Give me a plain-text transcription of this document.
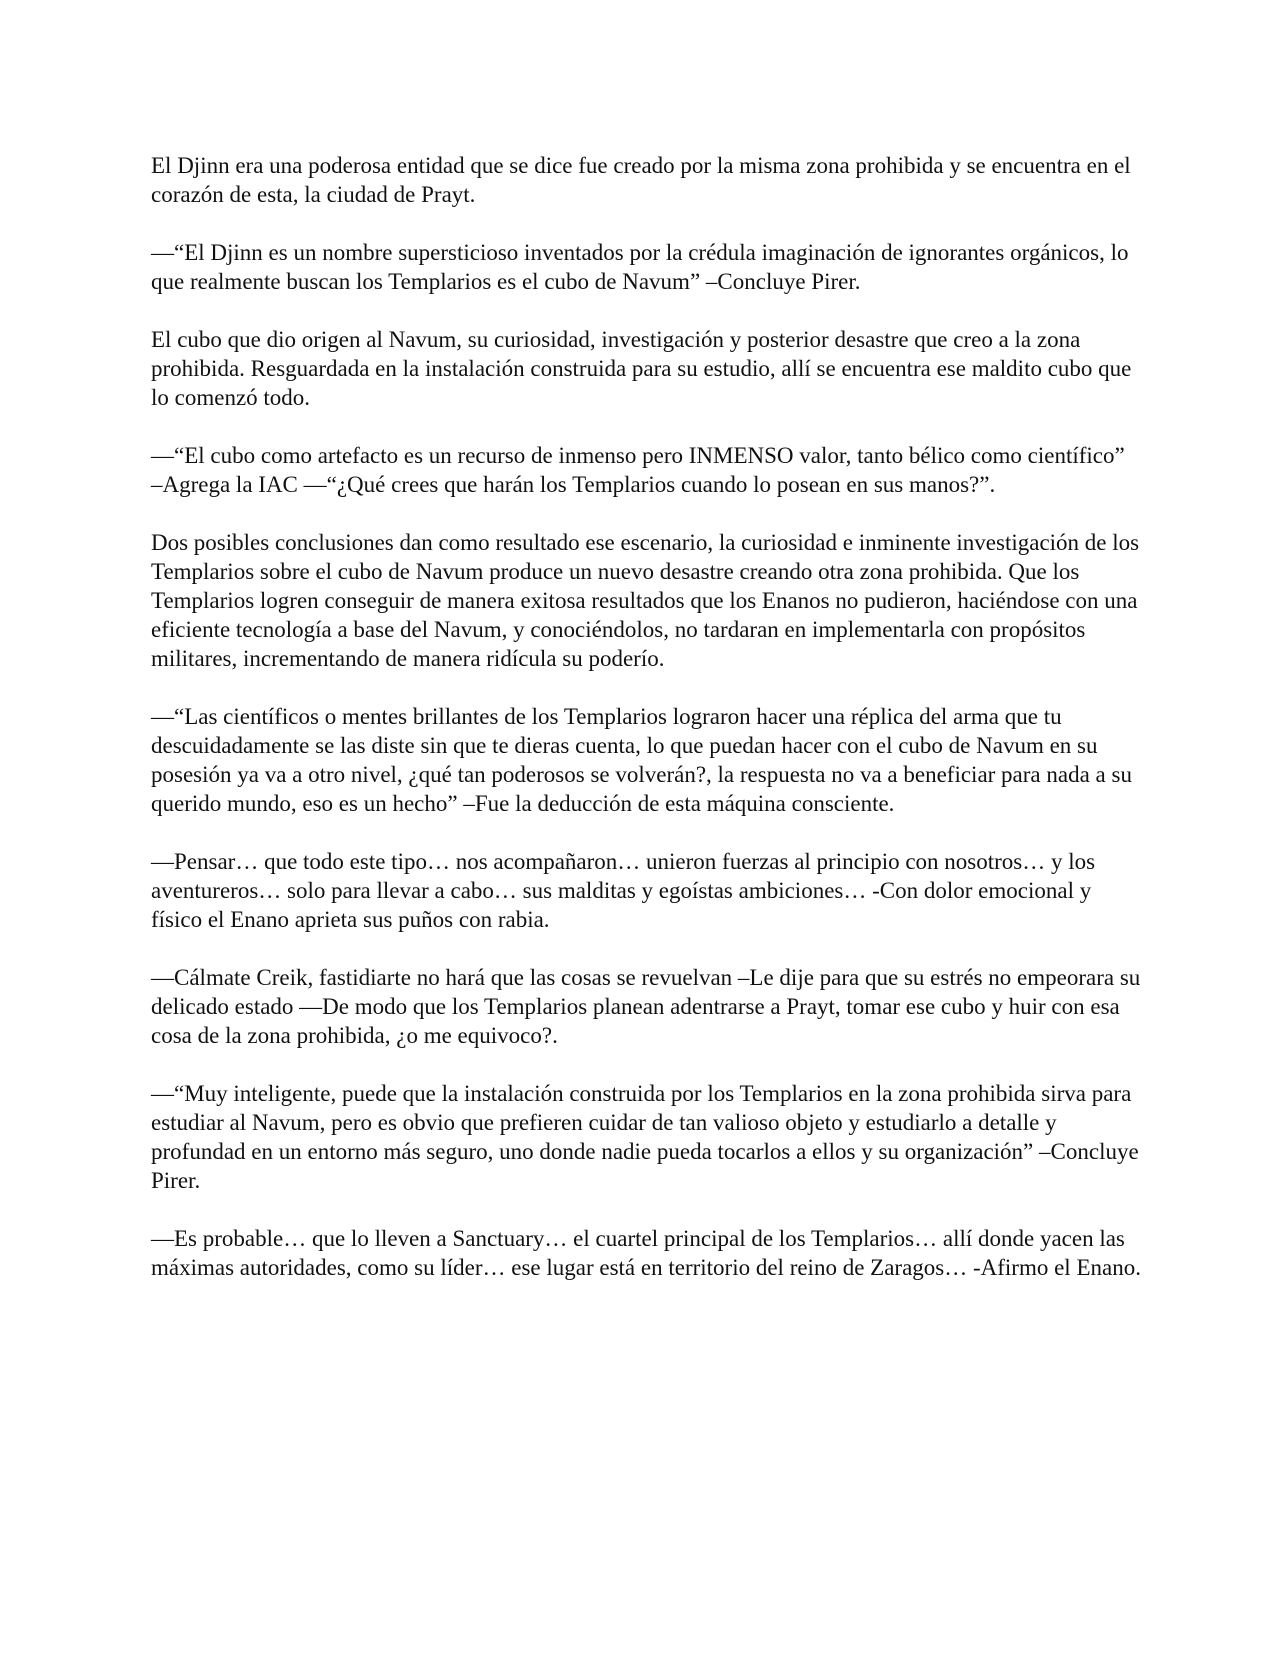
El Djinn era una poderosa entidad que se dice fue creado por la misma zona prohibida y se encuentra en el corazón de esta, la ciudad de Prayt.

—“El Djinn es un nombre supersticioso inventados por la crédula imaginación de ignorantes orgánicos, lo que realmente buscan los Templarios es el cubo de Navum” –Concluye Pirer.

El cubo que dio origen al Navum, su curiosidad, investigación y posterior desastre que creo a la zona prohibida. Resguardada en la instalación construida para su estudio, allí se encuentra ese maldito cubo que lo comenzó todo.

—“El cubo como artefacto es un recurso de inmenso pero INMENSO valor, tanto bélico como científico” –Agrega la IAC —“¿Qué crees que harán los Templarios cuando lo posean en sus manos?”.

Dos posibles conclusiones dan como resultado ese escenario, la curiosidad e inminente investigación de los Templarios sobre el cubo de Navum produce un nuevo desastre creando otra zona prohibida. Que los Templarios logren conseguir de manera exitosa resultados que los Enanos no pudieron, haciéndose con una eficiente tecnología a base del Navum, y conociéndolos, no tardaran en implementarla con propósitos militares, incrementando de manera ridícula su poderío.

—“Las científicos o mentes brillantes de los Templarios lograron hacer una réplica del arma que tu descuidadamente se las diste sin que te dieras cuenta, lo que puedan hacer con el cubo de Navum en su posesión ya va a otro nivel, ¿qué tan poderosos se volverán?, la respuesta no va a beneficiar para nada a su querido mundo, eso es un hecho” –Fue la deducción de esta máquina consciente.

—Pensar… que todo este tipo… nos acompañaron… unieron fuerzas al principio con nosotros… y los aventureros… solo para llevar a cabo… sus malditas y egoístas ambiciones… -Con dolor emocional y físico el Enano aprieta sus puños con rabia.

—Cálmate Creik, fastidiarte no hará que las cosas se revuelvan –Le dije para que su estrés no empeorara su delicado estado —De modo que los Templarios planean adentrarse a Prayt, tomar ese cubo y huir con esa cosa de la zona prohibida, ¿o me equivoco?.

—“Muy inteligente, puede que la instalación construida por los Templarios en la zona prohibida sirva para estudiar al Navum, pero es obvio que prefieren cuidar de tan valioso objeto y estudiarlo a detalle y profundad en un entorno más seguro, uno donde nadie pueda tocarlos a ellos y su organización” –Concluye Pirer.

—Es probable… que lo lleven a Sanctuary… el cuartel principal de los Templarios… allí donde yacen las máximas autoridades, como su líder… ese lugar está en territorio del reino de Zaragos… -Afirmo el Enano.
